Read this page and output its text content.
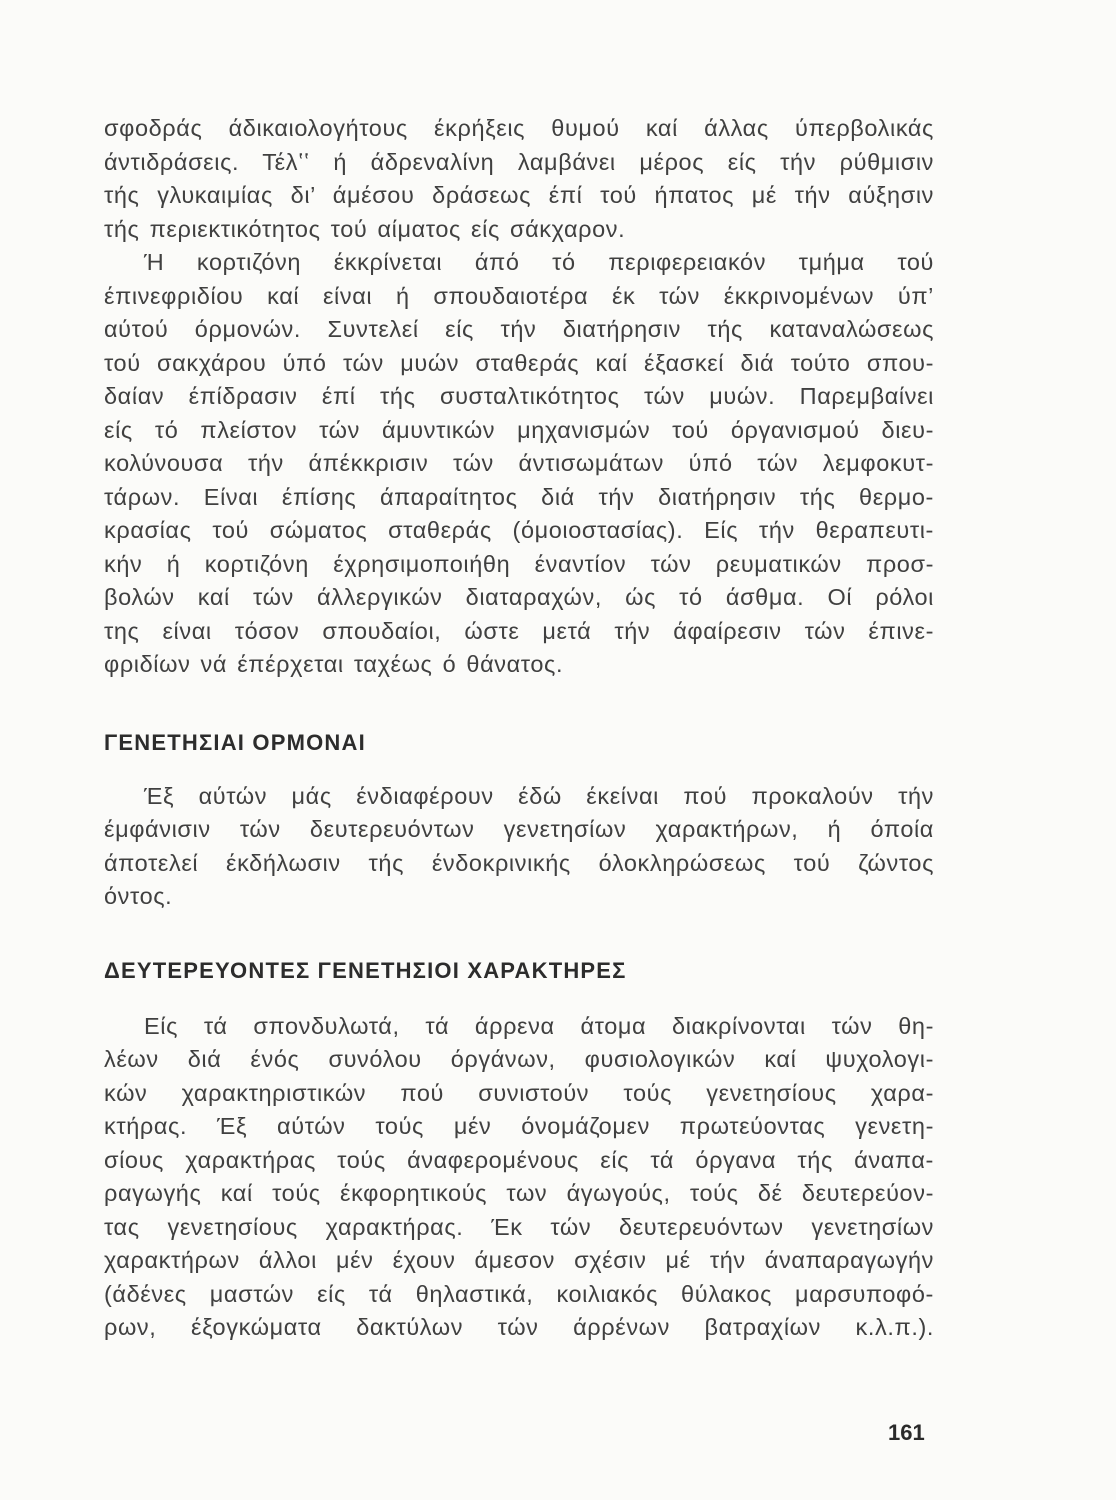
σφοδράς άδικαιολογήτους έκρήξεις θυμού καί άλλας ύπερβολικάς
άντιδράσεις. Τέλʽʽ ή άδρεναλίνη λαμβάνει μέρος είς τήν ρύθμισιν
τής γλυκαιμίας δι’ άμέσου δράσεως έπί τού ήπατος μέ τήν αύξησιν
τής περιεκτικότητος τού αίματος είς σάκχαρον.
Ή κορτιζόνη έκκρίνεται άπό τό περιφερειακόν τμήμα τού
έπινεφριδίου καί είναι ή σπουδαιοτέρα έκ τών έκκρινομένων ύπ’
αύτού όρμονών. Συντελεί είς τήν διατήρησιν τής καταναλώσεως
τού σακχάρου ύπό τών μυών σταθεράς καί έξασκεί διά τούτο σπου-
δαίαν έπίδρασιν έπί τής συσταλτικότητος τών μυών. Παρεμβαίνει
είς τό πλείστον τών άμυντικών μηχανισμών τού όργανισμού διευ-
κολύνουσα τήν άπέκκρισιν τών άντισωμάτων ύπό τών λεμφοκυτ-
τάρων. Είναι έπίσης άπαραίτητος διά τήν διατήρησιν τής θερμο-
κρασίας τού σώματος σταθεράς (όμοιοστασίας). Είς τήν θεραπευτι-
κήν ή κορτιζόνη έχρησιμοποιήθη έναντίον τών ρευματικών προσ-
βολών καί τών άλλεργικών διαταραχών, ώς τό άσθμα. Οί ρόλοι
της είναι τόσον σπουδαίοι, ώστε μετά τήν άφαίρεσιν τών έπινε-
φριδίων νά έπέρχεται ταχέως ό θάνατος.
ΓΕΝΕΤΗΣΙΑΙ ΟΡΜΟΝΑΙ
Έξ αύτών μάς ένδιαφέρουν έδώ έκείναι πού προκαλούν τήν
έμφάνισιν τών δευτερευόντων γενετησίων χαρακτήρων, ή όποία
άποτελεί έκδήλωσιν τής ένδοκρινικής όλοκληρώσεως τού ζώντος
όντος.
ΔΕΥΤΕΡΕΥΟΝΤΕΣ ΓΕΝΕΤΗΣΙΟΙ ΧΑΡΑΚΤΗΡΕΣ
Είς τά σπονδυλωτά, τά άρρενα άτομα διακρίνονται τών θη-
λέων διά ένός συνόλου όργάνων, φυσιολογικών καί ψυχολογι-
κών χαρακτηριστικών πού συνιστούν τούς γενετησίους χαρα-
κτήρας. Έξ αύτών τούς μέν όνομάζομεν πρωτεύοντας γενετη-
σίους χαρακτήρας τούς άναφερομένους είς τά όργανα τής άναπα-
ραγωγής καί τούς έκφορητικούς των άγωγούς, τούς δέ δευτερεύον-
τας γενετησίους χαρακτήρας. Έκ τών δευτερευόντων γενετησίων
χαρακτήρων άλλοι μέν έχουν άμεσον σχέσιν μέ τήν άναπαραγωγήν
(άδένες μαστών είς τά θηλαστικά, κοιλιακός θύλακος μαρσυποφό-
ρων, έξογκώματα δακτύλων τών άρρένων βατραχίων κ.λ.π.).
161
